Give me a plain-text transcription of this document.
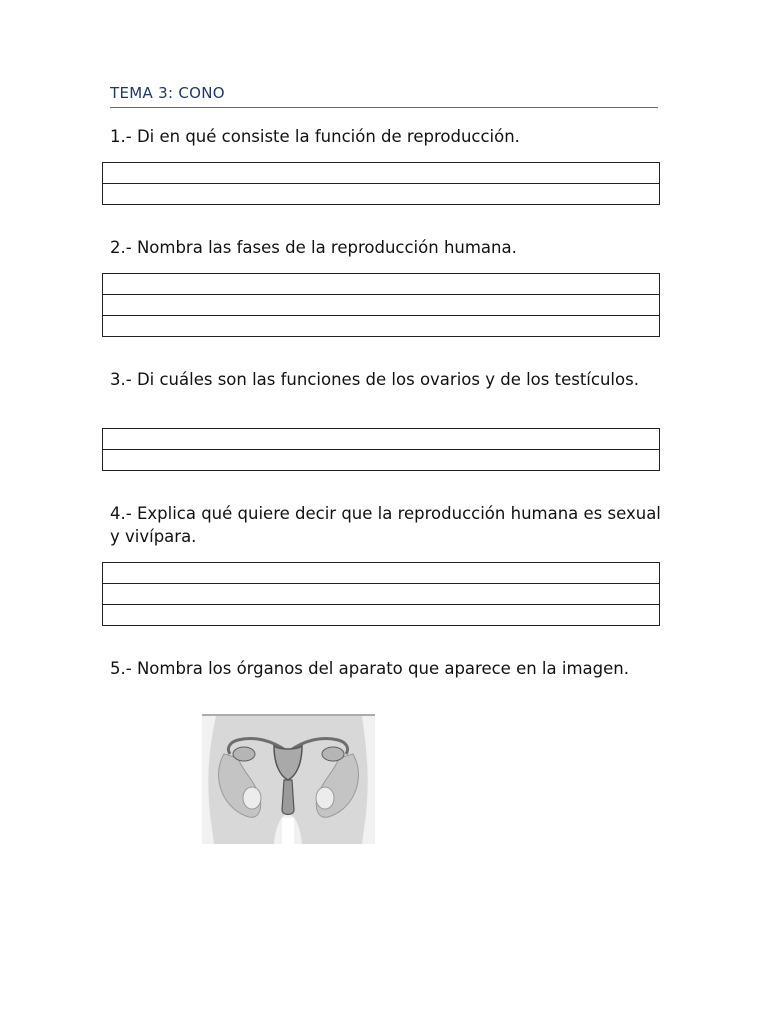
TEMA 3: CONO
1.- Di en qué consiste la función de reproducción.
2.- Nombra las fases de la reproducción humana.
3.- Di cuáles son las funciones de los ovarios y de los testículos.
4.- Explica qué quiere decir que la reproducción humana es sexual y vivípara.
5.- Nombra los órganos del aparato que aparece en la imagen.
